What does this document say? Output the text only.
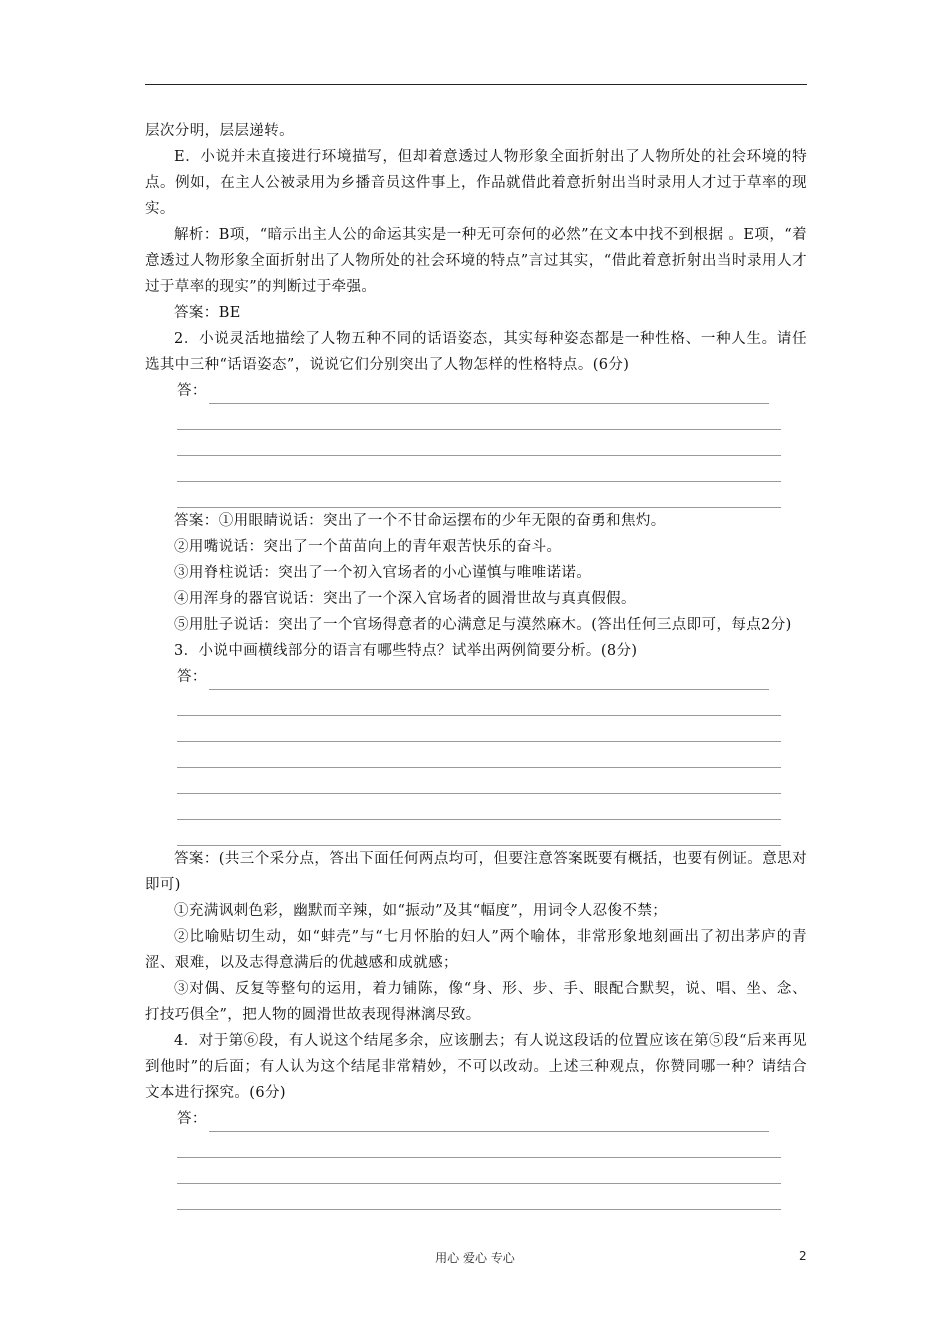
层次分明，层层递转。

E．小说并未直接进行环境描写，但却着意透过人物形象全面折射出了人物所处的社会环境的特点。例如，在主人公被录用为乡播音员这件事上，作品就借此着意折射出当时录用人才过于草率的现实。

解析：B项，“暗示出主人公的命运其实是一种无可奈何的必然”在文本中找不到根据 。E项，“着意透过人物形象全面折射出了人物所处的社会环境的特点”言过其实，“借此着意折射出当时录用人才过于草率的现实”的判断过于牵强。

答案：BE

2．小说灵活地描绘了人物五种不同的话语姿态，其实每种姿态都是一种性格、一种人生。请任选其中三种“话语姿态”，说说它们分别突出了人物怎样的性格特点。(6分)

答：

答案：①用眼睛说话：突出了一个不甘命运摆布的少年无限的奋勇和焦灼。

②用嘴说话：突出了一个苗苗向上的青年艰苦快乐的奋斗。

③用脊柱说话：突出了一个初入官场者的小心谨慎与唯唯诺诺。

④用浑身的器官说话：突出了一个深入官场者的圆滑世故与真真假假。

⑤用肚子说话：突出了一个官场得意者的心满意足与漠然麻木。(答出任何三点即可，每点2分)

3．小说中画横线部分的语言有哪些特点？试举出两例简要分析。(8分)

答：

答案：(共三个采分点，答出下面任何两点均可，但要注意答案既要有概括，也要有例证。意思对即可)

①充满讽刺色彩，幽默而辛辣，如“振动”及其“幅度”，用词令人忍俊不禁；

②比喻贴切生动，如“蚌壳”与“七月怀胎的妇人”两个喻体，非常形象地刻画出了初出茅庐的青涩、艰难，以及志得意满后的优越感和成就感；

③对偶、反复等整句的运用，着力铺陈，像“身、形、步、手、眼配合默契，说、唱、坐、念、打技巧俱全”，把人物的圆滑世故表现得淋漓尽致。

4．对于第⑥段，有人说这个结尾多余，应该删去；有人说这段话的位置应该在第⑤段“后来再见到他时”的后面；有人认为这个结尾非常精妙，不可以改动。上述三种观点，你赞同哪一种？请结合文本进行探究。(6分)

答：
用心 爱心 专心	2
